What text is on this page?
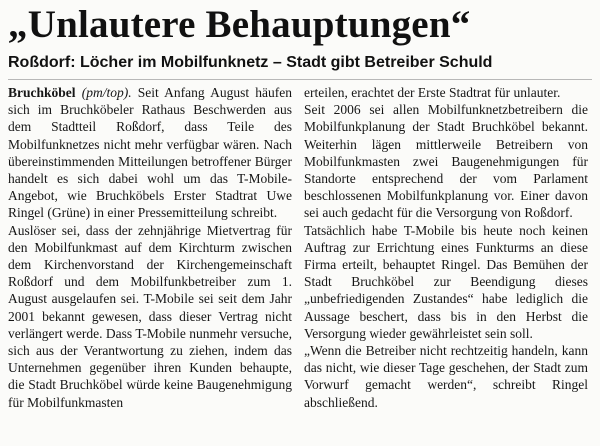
„Unlautere Behauptungen“
Roßdorf: Löcher im Mobilfunknetz – Stadt gibt Betreiber Schuld

Bruchköbel (pm/top). Seit Anfang August häufen sich im Bruchköbeler Rathaus Beschwerden aus dem Stadtteil Roßdorf, dass Teile des Mobilfunknetzes nicht mehr verfügbar wären. Nach übereinstimmenden Mitteilungen betroffener Bürger handelt es sich dabei wohl um das T-Mobile-Angebot, wie Bruchköbels Erster Stadtrat Uwe Ringel (Grüne) in einer Pressemitteilung schreibt.

Auslöser sei, dass der zehnjährige Mietvertrag für den Mobilfunkmast auf dem Kirchturm zwischen dem Kirchenvorstand der Kirchengemeinschaft Roßdorf und dem Mobilfunkbetreiber zum 1. August ausgelaufen sei. T-Mobile sei seit dem Jahr 2001 bekannt gewesen, dass dieser Vertrag nicht verlängert werde. Dass T-Mobile nunmehr versuche, sich aus der Verantwortung zu ziehen, indem das Unternehmen gegenüber ihren Kunden behaupte, die Stadt Bruchköbel würde keine Baugenehmigung für Mobilfunkmasten

erteilen, erachtet der Erste Stadtrat für unlauter.

Seit 2006 sei allen Mobilfunknetzbetreibern die Mobilfunkplanung der Stadt Bruchköbel bekannt. Weiterhin lägen mittlerweile Betreibern von Mobilfunkmasten zwei Baugenehmigungen für Standorte entsprechend der vom Parlament beschlossenen Mobilfunkplanung vor. Einer davon sei auch gedacht für die Versorgung von Roßdorf.

Tatsächlich habe T-Mobile bis heute noch keinen Auftrag zur Errichtung eines Funkturms an diese Firma erteilt, behauptet Ringel. Das Bemühen der Stadt Bruchköbel zur Beendigung dieses „unbefriedigenden Zustandes“ habe lediglich die Aussage beschert, dass bis in den Herbst die Versorgung wieder gewährleistet sein soll.

„Wenn die Betreiber nicht rechtzeitig handeln, kann das nicht, wie dieser Tage geschehen, der Stadt zum Vorwurf gemacht werden“, schreibt Ringel abschließend.
